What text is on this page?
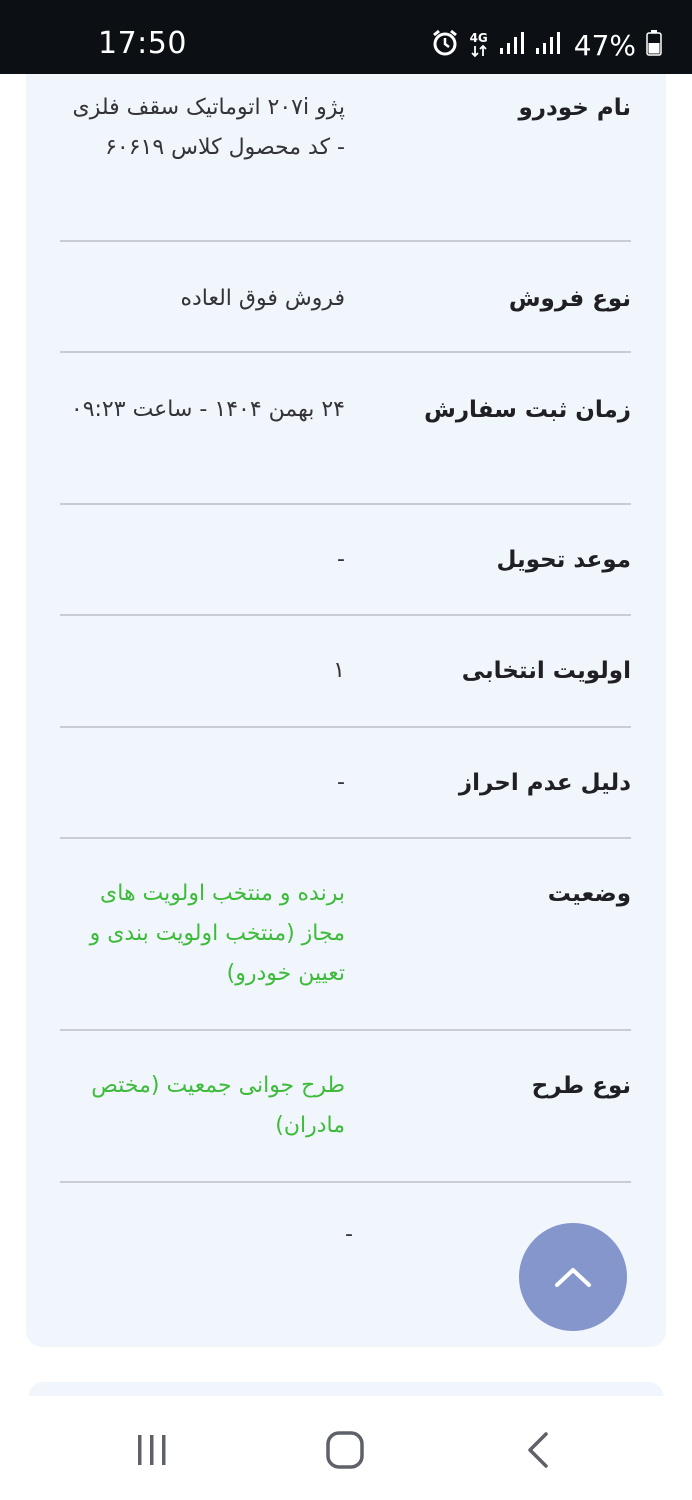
17:50	4G	47%
نام خودرو
پژو ۲۰۷i اتوماتیک سقف فلزی - کد محصول کلاس ۶۰۶۱۹
نوع فروش
فروش فوق العاده
زمان ثبت سفارش
۲۴ بهمن ۱۴۰۴ - ساعت ۰۹:۲۳
موعد تحویل
-
اولویت انتخابی
۱
دلیل عدم احراز
-
وضعیت
برنده و منتخب اولویت های مجاز (منتخب اولویت بندی و تعیین خودرو)
نوع طرح
طرح جوانی جمعیت (مختص مادران)
-
